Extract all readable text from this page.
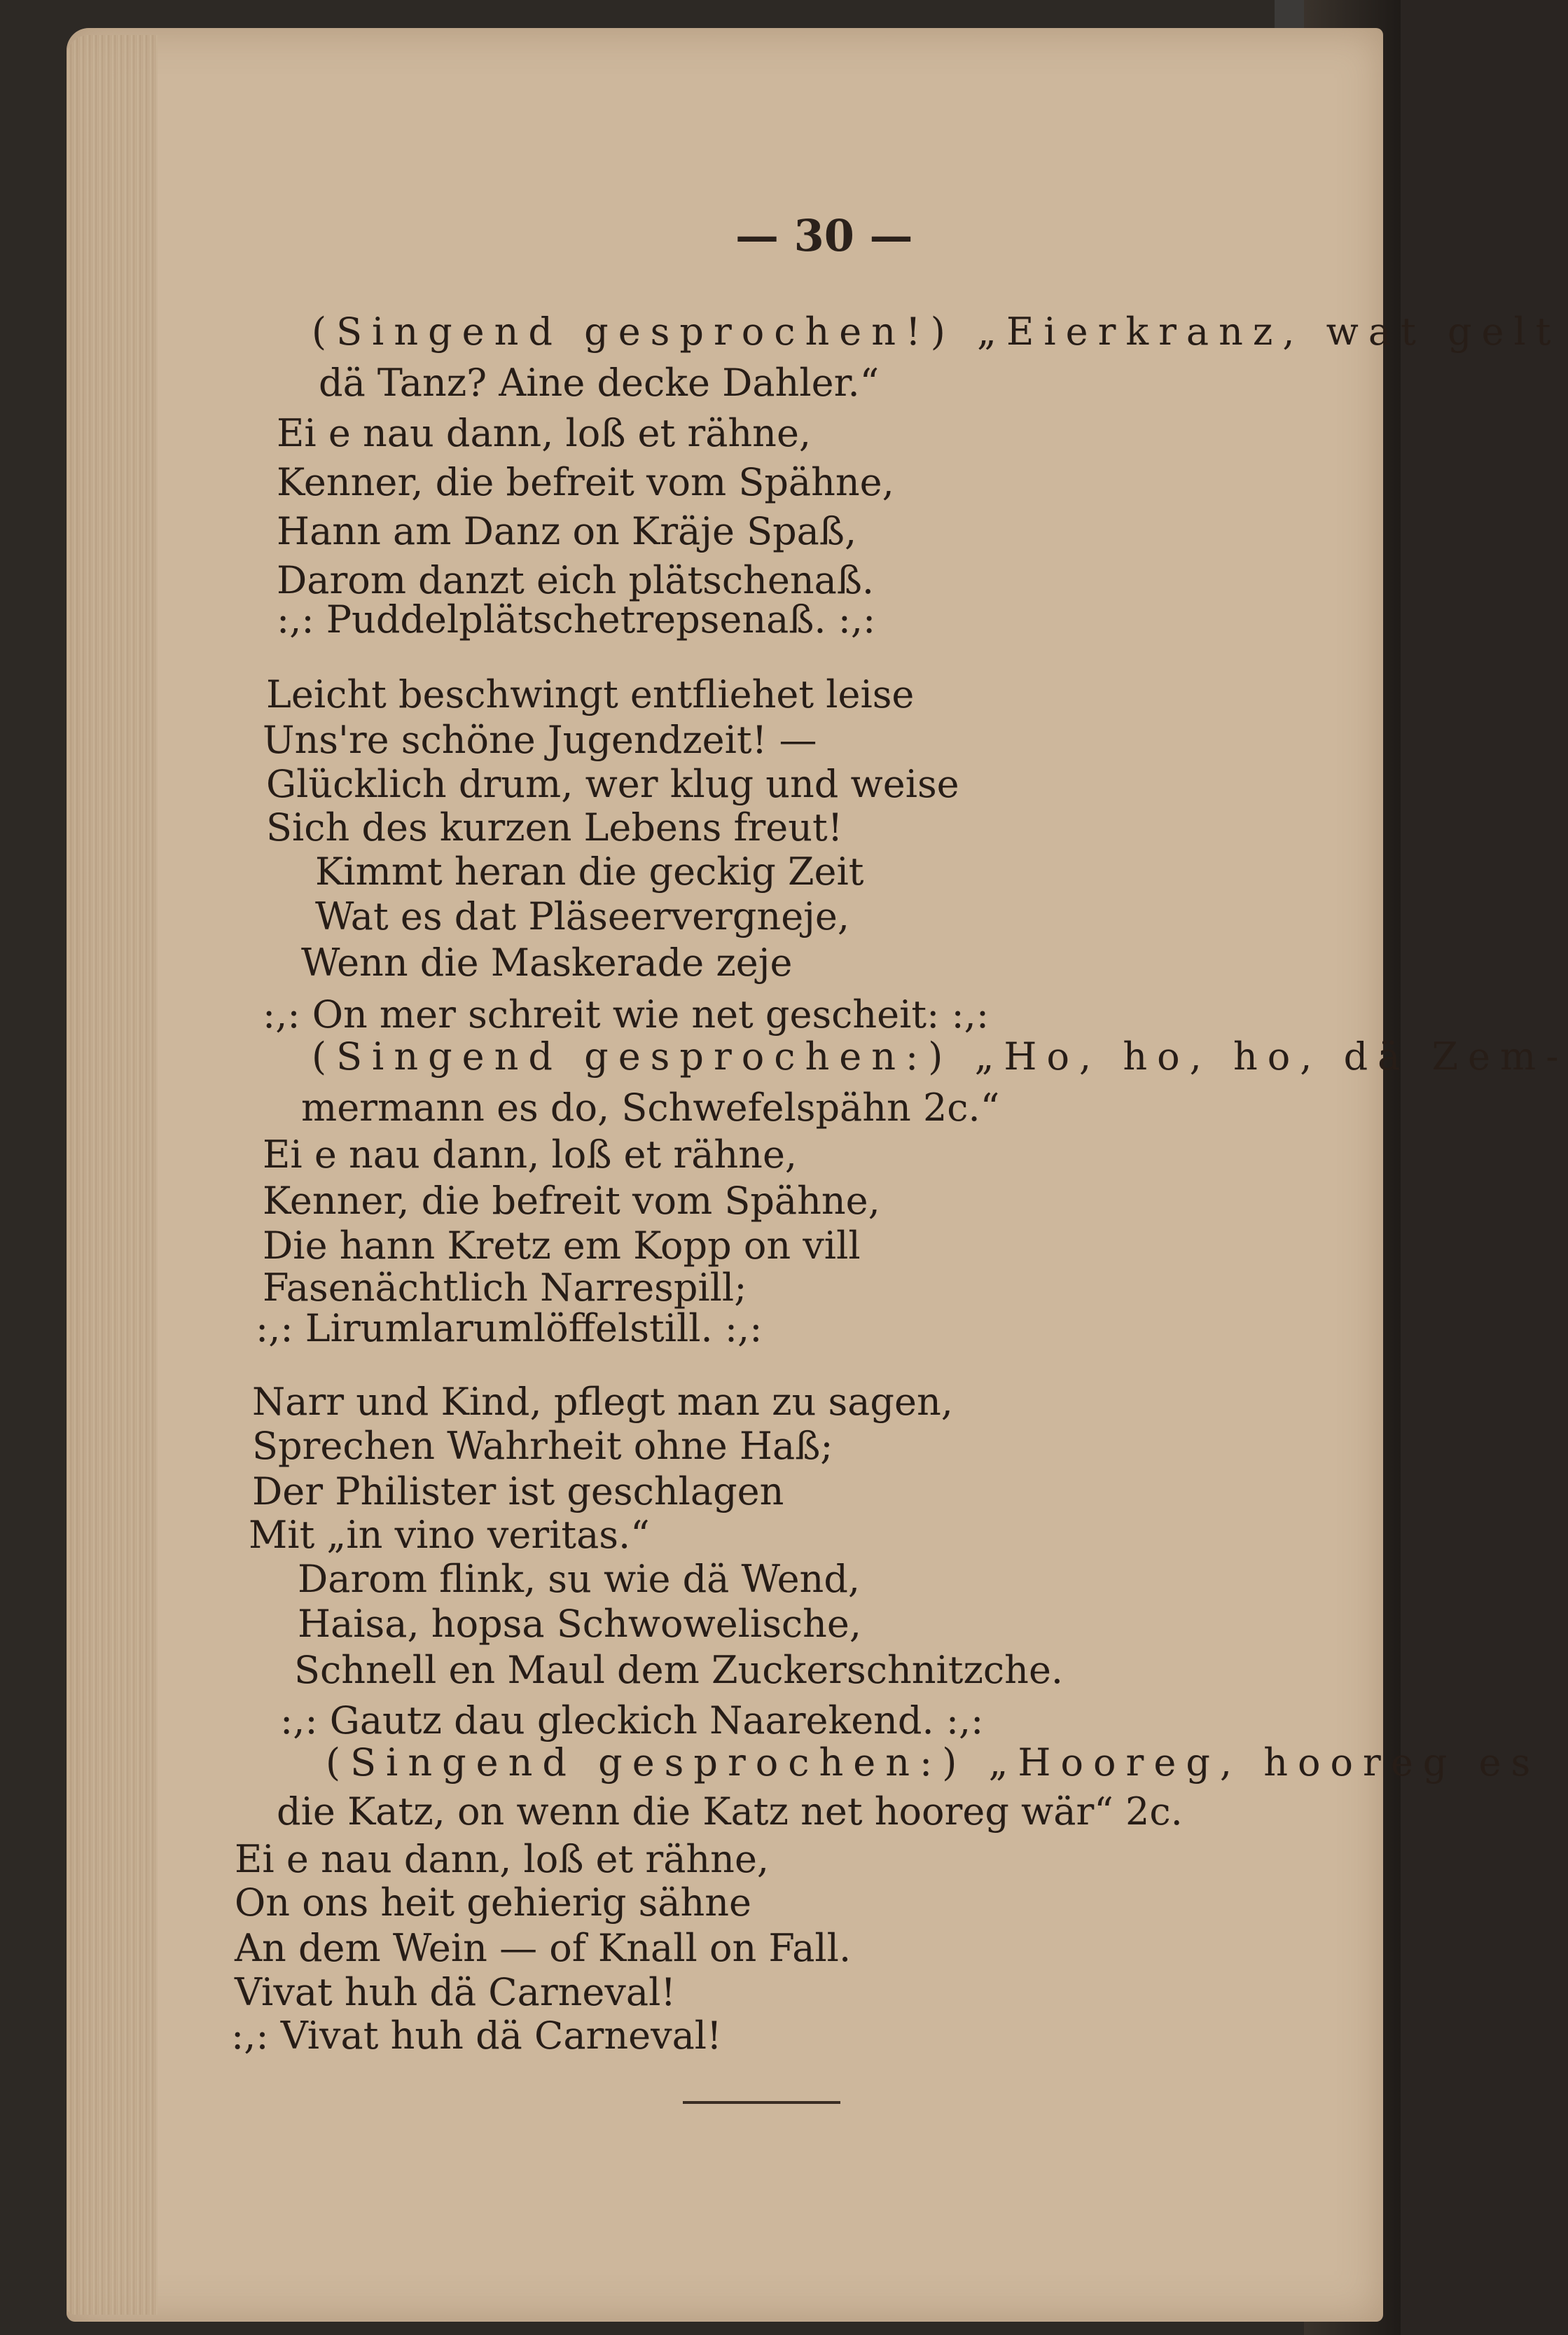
— 30 —

(Singend gesprochen!) „Eierkranz, wat gelt

dä Tanz? Aine decke Dahler.“

Ei e nau dann, loß et rähne,

Kenner, die befreit vom Spähne,

Hann am Danz on Kräje Spaß,

Darom danzt eich plätschenaß.

:,: Puddelplätschetrepsenaß. :,:

Leicht beschwingt entfliehet leise

Uns're schöne Jugendzeit! —

Glücklich drum, wer klug und weise

Sich des kurzen Lebens freut!

Kimmt heran die geckig Zeit

Wat es dat Pläseervergneje,

Wenn die Maskerade zeje

:,: On mer schreit wie net gescheit: :,:

(Singend gesprochen:) „Ho, ho, ho, dä Zem-

mermann es do, Schwefelspähn 2c.“

Ei e nau dann, loß et rähne,

Kenner, die befreit vom Spähne,

Die hann Kretz em Kopp on vill

Fasenächtlich Narrespill;

:,: Lirumlarumlöffelstill. :,:

Narr und Kind, pflegt man zu sagen,

Sprechen Wahrheit ohne Haß;

Der Philister ist geschlagen

Mit „in vino veritas.“

Darom flink, su wie dä Wend,

Haisa, hopsa Schwowelische,

Schnell en Maul dem Zuckerschnitzche.

:,: Gautz dau gleckich Naarekend. :,:

(Singend gesprochen:) „Hooreg, hooreg es

die Katz, on wenn die Katz net hooreg wär“ 2c.

Ei e nau dann, loß et rähne,

On ons heit gehierig sähne

An dem Wein — of Knall on Fall.

Vivat huh dä Carneval!

:,: Vivat huh dä Carneval!
